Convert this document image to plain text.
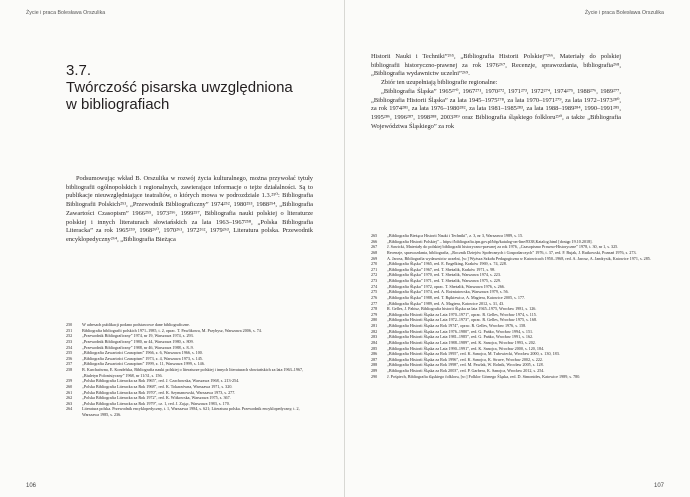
Życie i praca Bolesława Orszulika
3.7.
Twórczość pisarska uwzględniona
w bibliografiach

Podsumowując wkład B. Orszulika w rozwój życia kulturalnego, można przywołać tytuły bibliografii ogólnopolskich i regionalnych, zawierające informacje o tejże działalności. Są to publikacje nieuwzględniające teatraliów, o których mowa w podrozdziale 1.3.²⁵⁰: Bibliografia Bibliografii Polskich²⁵¹, „Przewodnik Bibliograficzny” 1974²⁵², 1980²⁵³, 1988²⁵⁴, „Bibliografia Zawartości Czasopism” 1966²⁵⁵, 1973²⁵⁶, 1999²⁵⁷, Bibliografia nauki polskiej o literaturze polskiej i innych literaturach słowiańskich za lata 1963–1967²⁵⁸, „Polska Bibliografia Literacka” za rok 1965²⁵⁹, 1968²⁶⁰, 1970²⁶¹, 1972²⁶², 1979²⁶³, Literatura polska. Przewodnik encyklopedyczny²⁶⁴, „Bibliografia Bieżąca

250	W adresach publikacji podano podstawowe dane bibliograficzne.
251	Bibliografia bibliografii polskich 1971–1985, t. 2, oprac. T. Pawlikowa, M. Przybysz, Warszawa 2006, s. 74.
252	„Przewodnik Bibliograficzny” 1974, nr 19, Warszawa 1974, s. 293.
253	„Przewodnik Bibliograficzny” 1980, nr 44, Warszawa 1980, s. 809.
254	„Przewodnik Bibliograficzny” 1988, nr 46, Warszawa 1988, s. 8–9.
255	„Bibliografia Zawartości Czasopism” 1966, z. 6, Warszawa 1966, s. 100.
256	„Bibliografia Zawartości Czasopism” 1973, z. 4, Warszawa 1973, s. 145.
257	„Bibliografia Zawartości Czasopism” 1999, z. 11, Warszawa 1999, s. 146.
258	B. Karchaówna, E. Kondelska, Bibliografia nauki polskiej o literaturze polskiej i innych literaturach słowiańskich za lata 1963–1967, „Biuletyn Polonistyczny” 1968, nr 11/31, s. 156.
259	„Polska Bibliografia Literacka za Rok 1965”, red. J. Czachowska, Warszawa 1968, s. 213-254.
260	„Polska Bibliografia Literacka za Rok 1968”, red. K. Tokarzówna, Warszawa 1971, s. 320.
261	„Polska Bibliografia Literacka za Rok 1970”, red. K. Szymanowski, Warszawa 1973, s. 277.
262	„Polska Bibliografia Literacka za Rok 1972”, red. K. Witkowska, Warszawa 1975, s. 367.
263	„Polska Bibliografia Literacka za Rok 1979”, cz. 1, red. J. Zając, Warszawa 1983, s. 170.
264	Literatura polska. Przewodnik encyklopedyczny, t. 1, Warszawa 1984, s. 621; Literatura polska. Przewodnik encyklopedyczny, t. 2, Warszawa 1985, s. 236.
106
Życie i praca Bolesława Orszulika

Historii Nauki i Techniki”²⁶⁵, „Bibliografia Historii Polskiej”²⁶⁶, Materiały do polskiej bibliografii historyczno-prawnej za rok 1976²⁶⁷, Recenzje, sprawozdania, bibliografia²⁶⁸, „Bibliografia wydawnictw uczelni”²⁶⁹.

Zbiór ten uzupełniają bibliografie regionalne:

„Bibliografia Śląska” 1965²⁷⁰, 1967²⁷¹, 1970²⁷², 1971²⁷³, 1972²⁷⁴, 1974²⁷⁵, 1988²⁷⁶, 1989²⁷⁷, „Bibliografia Historii Śląska” za lata 1945–1975²⁷⁸, za lata 1970–1971²⁷⁹, za lata 1972–1973²⁸⁰, za rok 1974²⁸¹, za lata 1976–1980²⁸², za lata 1981–1985²⁸³, za lata 1988–1989²⁸⁴, 1990–1991²⁸⁵, 1995²⁸⁶, 1996²⁸⁷, 1998²⁸⁸, 2003²⁸⁹ oraz Bibliografia śląskiego folkloru²⁹⁰, a także „Bibliografia Województwa Śląskiego” za rok

265	„Bibliografia Bieżąca Historii Nauki i Techniki”, z. 3, nr 3, Warszawa 1989, s. 15.
266	„Bibliografia Historii Polskiej” – https://bibliografia.ipn.gov.pl/bhp/katalog-on-line/8338,Katalog.html [dostęp 19.10.2018].
267	J. Sawicki, Materiały do polskiej bibliografii historyczno-prawnej za rok 1976, „Czasopismo Prawno-Historyczne” 1978, t. 30, nr 1, s. 325.
268	Recenzje, sprawozdania, bibliografia, „Rocznik Dziejów Społecznych i Gospodarczych” 1976, t. 37, red. F. Bujak, J. Rutkowski, Poznań 1976, s. 273.
269	A. Jarosz, Bibliografia wydawnictw uczelni, [w:] Wyższa Szkoła Pedagogiczna w Katowicach 1950–1968, red. A. Jarosz, A. Jandrysik, Katowice 1971, s. 285.
270	„Bibliografia Śląska” 1965, red. E. Engelking, Kraków 1969, s. 74, 228.
271	„Bibliografia Śląska” 1967, red. T. Sheżalik, Kraków 1971, s. 98.
272	„Bibliografia Śląska” 1970, red. T. Sheżalik, Warszawa 1974, s. 223.
273	„Bibliografia Śląska” 1971, red. T. Sheżalik, Warszawa 1975, s. 229.
274	„Bibliografia Śląska” 1972, oprac. T. Sheżalik, Warszawa 1976, s. 266.
275	„Bibliografia Śląska” 1974, red. A. Rożniatowska, Warszawa 1979, s. 56.
276	„Bibliografia Śląska” 1988, red. T. Bętkiewicz, A. Magiera, Katowice 2005, s. 177.
277	„Bibliografia Śląska” 1989, red. A. Magiera, Katowice 2012, s. 31, 43.
278	R. Gelles, J. Pabisz, Bibliografia historii Śląska za lata 1945–1975, Wrocław 1981, s. 126.
279	„Bibliografia Historii Śląska za Lata 1970–1971”, oprac. R. Gelles, Wrocław 1974, s. 115.
280	„Bibliografia Historii Śląska za Lata 1972–1973”, oprac. R. Gelles, Wrocław 1975, s. 168.
281	„Bibliografia Historii Śląska za Rok 1974”, oprac. R. Gelles, Wrocław 1976, s. 158.
282	„Bibliografia Historii Śląska za Lata 1976–1980”, red. G. Pańko, Wrocław 1994, s. 151.
283	„Bibliografia Historii Śląska za Lata 1981–1985”, red. G. Pańko, Wrocław 1991, s. 162.
284	„Bibliografia Historii Śląska za Lata 1988–1989”, red. K. Sanojca, Wrocław 1993, s. 202.
285	„Bibliografia Historii Śląska za Lata 1990–1991”, red. K. Sanojca, Wrocław 2000, s. 120, 184.
286	„Bibliografia Historii Śląska za Rok 1995”, red. K. Sanojca, M. Tułowiecki, Wrocław 2000, s. 130, 183.
287	„Bibliografia Historii Śląska za Rok 1996”, red. K. Sanojca, K. Struve, Wrocław 2002, s. 222.
288	„Bibliografia Historii Śląska za Rok 1998”, red. M. Pawlak, W. Rolnik, Wrocław 2005, s. 128.
289	„Bibliografia Historii Śląska za Rok 2003”, red. P. Garbera, K. Sanojca, Wrocław 2012, s. 254.
290	J. Pośpiech, Bibliografia śląskiego folkloru, [w:] Folklor Górnego Śląska, red. D. Simonides, Katowice 1989, s. 780.
107
